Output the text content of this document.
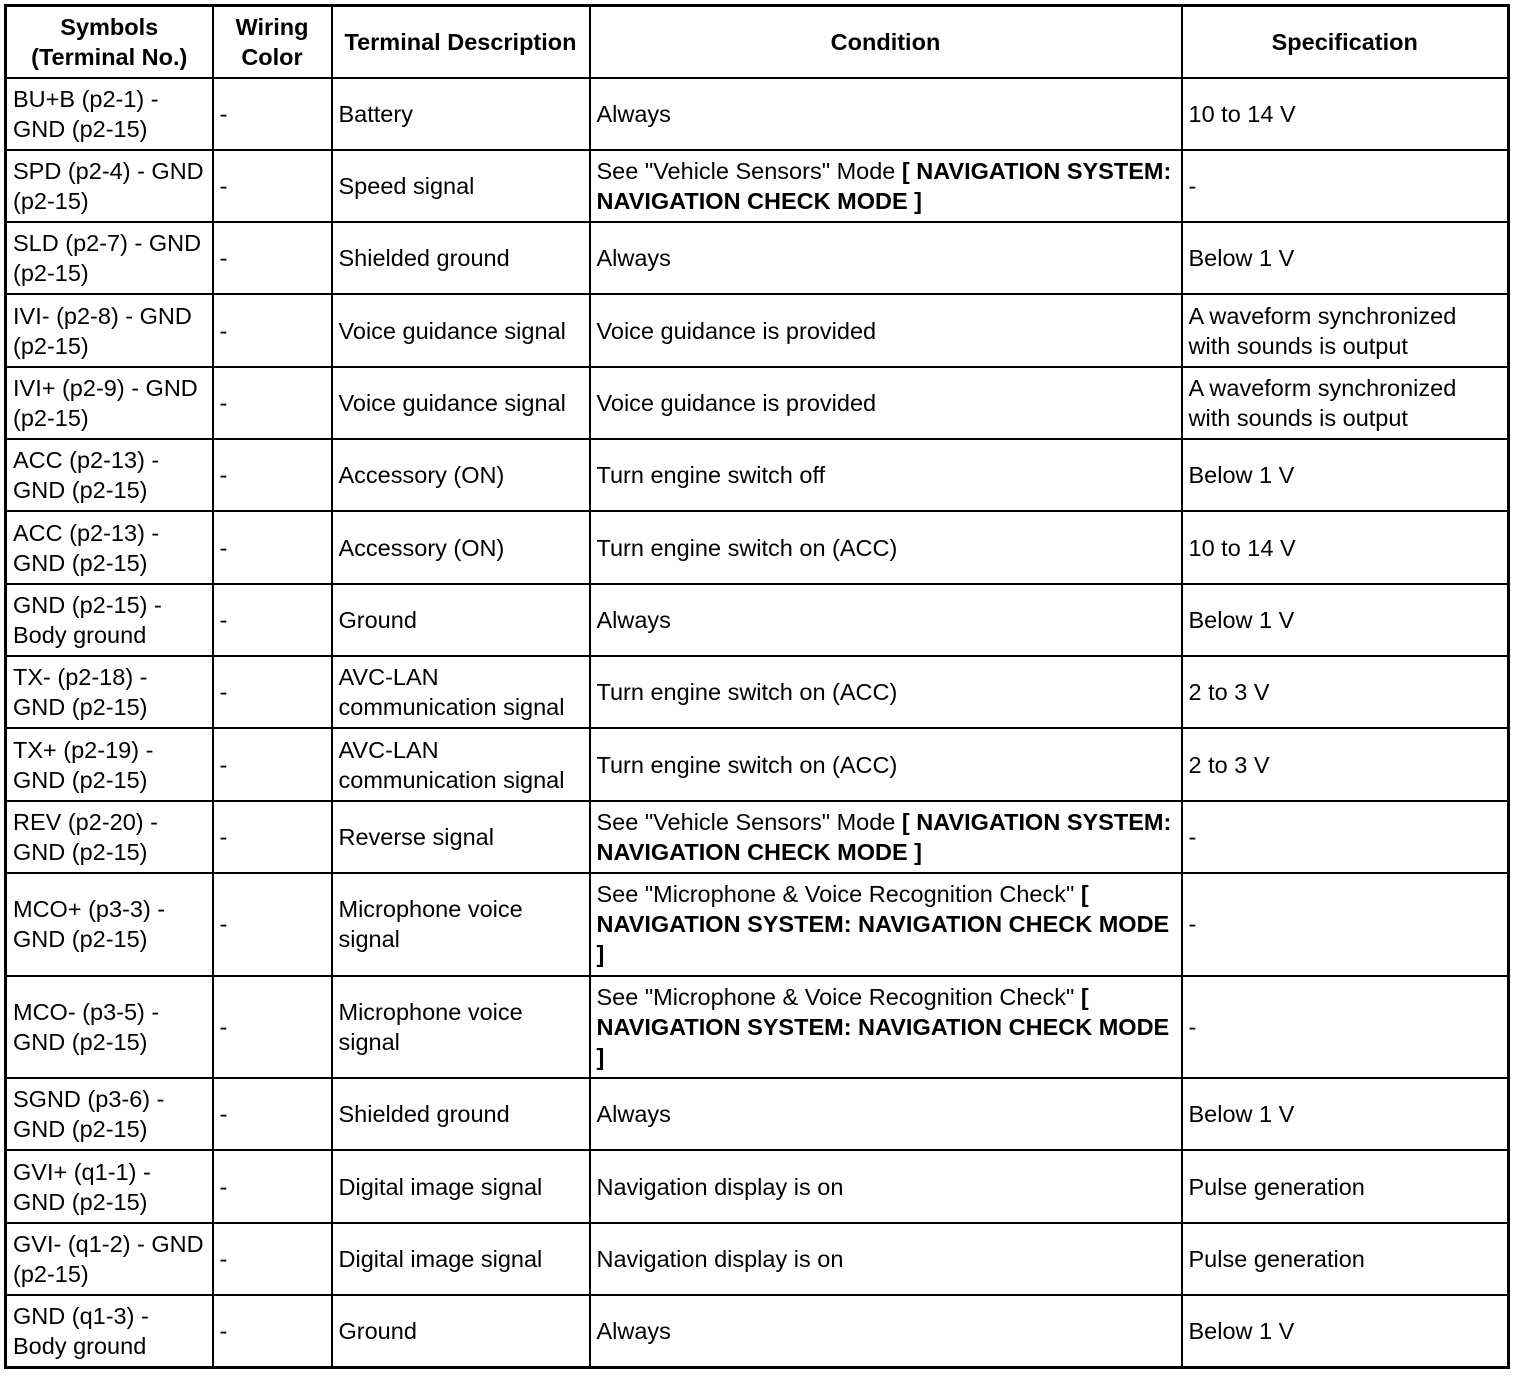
Symbols (Terminal No.)	Wiring Color	Terminal Description	Condition	Specification
BU+B (p2-1) - GND (p2-15)	-	Battery	Always	10 to 14 V
SPD (p2-4) - GND (p2-15)	-	Speed signal	See "Vehicle Sensors" Mode [ NAVIGATION SYSTEM: NAVIGATION CHECK MODE ]	-
SLD (p2-7) - GND (p2-15)	-	Shielded ground	Always	Below 1 V
IVI- (p2-8) - GND (p2-15)	-	Voice guidance signal	Voice guidance is provided	A waveform synchronized with sounds is output
IVI+ (p2-9) - GND (p2-15)	-	Voice guidance signal	Voice guidance is provided	A waveform synchronized with sounds is output
ACC (p2-13) - GND (p2-15)	-	Accessory (ON)	Turn engine switch off	Below 1 V
ACC (p2-13) - GND (p2-15)	-	Accessory (ON)	Turn engine switch on (ACC)	10 to 14 V
GND (p2-15) - Body ground	-	Ground	Always	Below 1 V
TX- (p2-18) - GND (p2-15)	-	AVC-LAN communication signal	Turn engine switch on (ACC)	2 to 3 V
TX+ (p2-19) - GND (p2-15)	-	AVC-LAN communication signal	Turn engine switch on (ACC)	2 to 3 V
REV (p2-20) - GND (p2-15)	-	Reverse signal	See "Vehicle Sensors" Mode [ NAVIGATION SYSTEM: NAVIGATION CHECK MODE ]	-
MCO+ (p3-3) - GND (p2-15)	-	Microphone voice signal	See "Microphone & Voice Recognition Check" [ NAVIGATION SYSTEM: NAVIGATION CHECK MODE ]	-
MCO- (p3-5) - GND (p2-15)	-	Microphone voice signal	See "Microphone & Voice Recognition Check" [ NAVIGATION SYSTEM: NAVIGATION CHECK MODE ]	-
SGND (p3-6) - GND (p2-15)	-	Shielded ground	Always	Below 1 V
GVI+ (q1-1) - GND (p2-15)	-	Digital image signal	Navigation display is on	Pulse generation
GVI- (q1-2) - GND (p2-15)	-	Digital image signal	Navigation display is on	Pulse generation
GND (q1-3) - Body ground	-	Ground	Always	Below 1 V
